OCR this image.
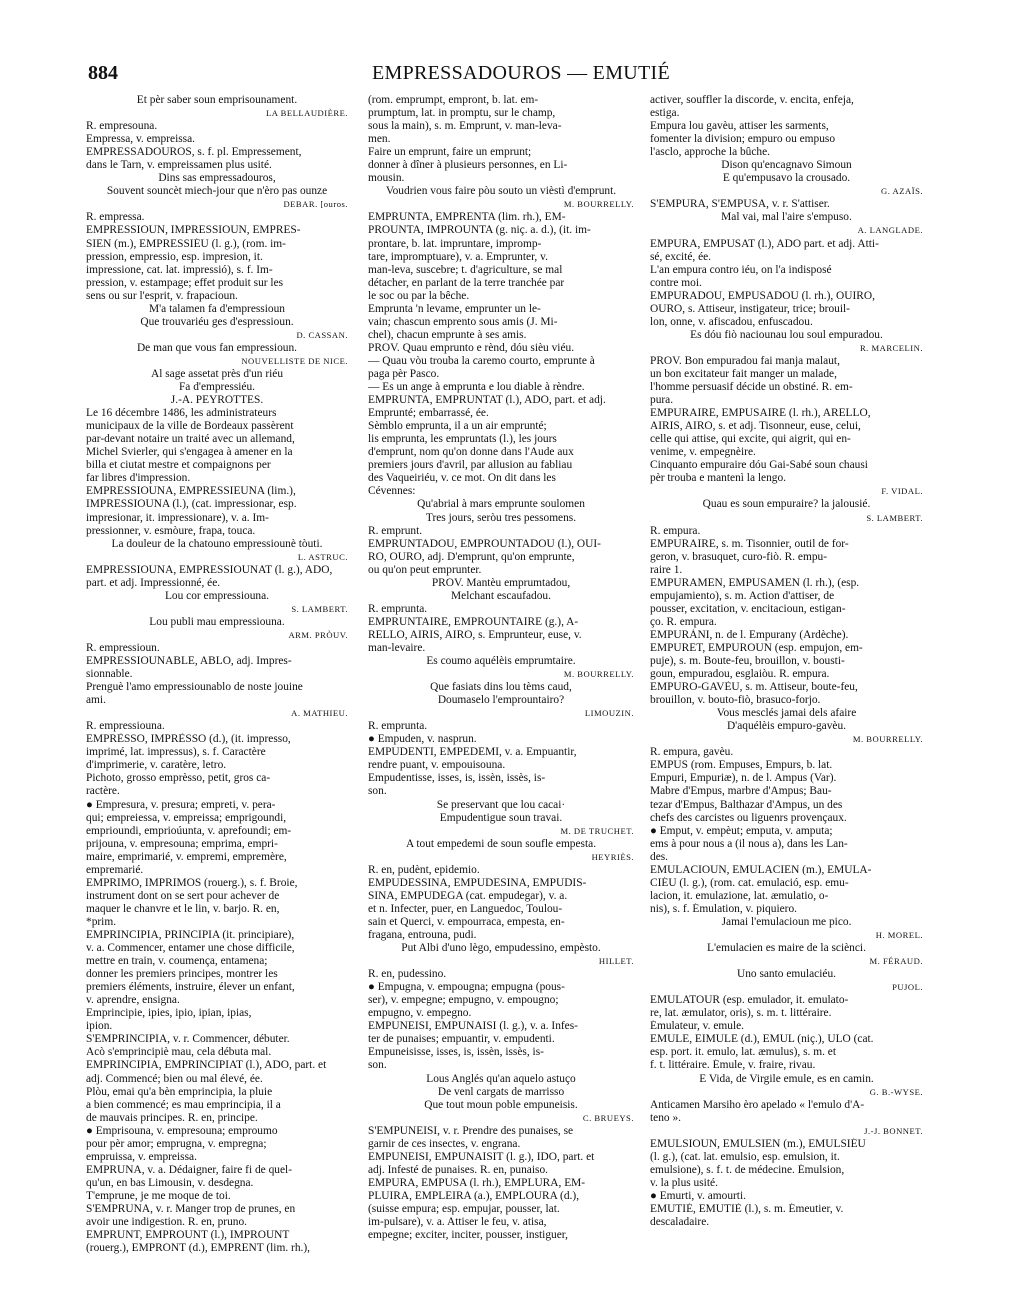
884	EMPRESSADOUROS — EMUTIÉ
Et pèr saber soun emprisounament.
LA BELLAUDIÈRE.
R. empresouna.
Empressa, v. empreissa.
EMPRESSADOUROS, s. f. pl. Empressement,
dans le Tarn, v. empreissamen plus usité.
Dins sas empressadouros,
Souvent souncèt miech-jour que n'èro pas ounze
DEBAR. [ouros.
R. empressa.
EMPRESSIOUN, IMPRESSIOUN, EMPRES-
SIEN (m.), EMPRESSIÉU (l. g.), (rom. im-
pression, empressio, esp. impresion, it.
impressione, cat. lat. impressió), s. f. Im-
pression, v. estampage; effet produit sur les
sens ou sur l'esprit, v. frapacioun.
M'a talamen fa d'empressioun
Que trouvariéu ges d'espressioun.
D. CASSAN.
De man que vous fan empressioun.
NOUVELLISTE DE NICE.
Al sage assetat près d'un riéu
Fa d'empressiéu.
J.-A. PEYROTTES.
Le 16 décembre 1486, les administrateurs
municipaux de la ville de Bordeaux passèrent
par-devant notaire un traité avec un allemand,
Michel Svierler, qui s'engagea à amener en la
billa et ciutat mestre et compaignons per
far libres d'impression.
EMPRESSIOUNA, EMPRESSIEUNA (lim.),
IMPRESSIOUNA (l.), (cat. impressionar, esp.
impresionar, it. impressionare), v. a. Im-
pressionner, v. esmòure, frapa, touca.
La douleur de la chatouno empressiounè tòuti.
L. ASTRUC.
EMPRESSIOUNA, EMPRESSIOUNAT (l. g.), ADO,
part. et adj. Impressionné, ée.
Lou cor empressiouna.
S. LAMBERT.
Lou publi mau empressiouna.
ARM. PRÒUV.
R. empressioun.
EMPRESSIOUNABLE, ABLO, adj. Impres-
sionnable.
Prenguè l'amo empressiounablo de noste jouine
ami.
A. MATHIEU.
R. empressiouna.
EMPRÈSSO, IMPRÈSSO (d.), (it. impresso,
imprimé, lat. impressus), s. f. Caractère
d'imprimerie, v. caratère, letro.
Pichoto, grosso emprèsso, petit, gros ca-
ractère.
● Empresura, v. presura; empreti, v. pera-
qui; empreiessa, v. empreissa; emprigoundi,
emprioundi, emprioúunta, v. aprefoundi; em-
prijouna, v. empresouna; emprima, empri-
maire, emprimarié, v. empremi, empremère,
empremarié.
EMPRIMO, IMPRIMOS (rouerg.), s. f. Broie,
instrument dont on se sert pour achever de
maquer le chanvre et le lin, v. barjo. R. en,
*prim.
EMPRINCIPIA, PRINCIPIA (it. principiare),
v. a. Commencer, entamer une chose difficile,
mettre en train, v. coumença, entamena;
donner les premiers principes, montrer les
premiers éléments, instruire, élever un enfant,
v. aprendre, ensigna.
Emprincipie, ipies, ipio, ipian, ipias,
ipion.
S'EMPRINCIPIA, v. r. Commencer, débuter.
Acò s'emprincipiè mau, cela débuta mal.
EMPRINCIPIA, EMPRINCIPIAT (l.), ADO, part. et
adj. Commencé; bien ou mal élevé, ée.
Plòu, emai qu'a bèn emprincipia, la pluie
a bien commencé; es mau emprincipia, il a
de mauvais principes. R. en, principe.
● Emprisouna, v. empresouna; emproumo
pour pèr amor; emprugna, v. empregna;
empruissa, v. empreissa.
EMPRUNA, v. a. Dédaigner, faire fi de quel-
qu'un, en bas Limousin, v. desdegna.
T'emprune, je me moque de toi.
S'EMPRUNA, v. r. Manger trop de prunes, en
avoir une indigestion. R. en, pruno.
EMPRUNT, EMPROUNT (l.), IMPROUNT
(rouerg.), EMPRONT (d.), EMPRENT (lim. rh.),
(rom. emprumpt, empront, b. lat. em-
prumptum, lat. in promptu, sur le champ,
sous la main), s. m. Emprunt, v. man-leva-
men.
Faire un emprunt, faire un emprunt;
donner à dîner à plusieurs personnes, en Li-
mousin.
Voudrien vous faire pòu souto un vièstì d'emprunt.
M. BOURRELLY.
EMPRUNTA, EMPRENTA (lim. rh.), EM-
PROUNTA, IMPROUNTA (g. niç. a. d.), (it. im-
prontare, b. lat. impruntare, impromp-
tare, impromptuare), v. a. Emprunter, v.
man-leva, suscebre; t. d'agriculture, se mal
détacher, en parlant de la terre tranchée par
le soc ou par la bêche.
Emprunta 'n levame, emprunter un le-
vain; chascun emprento sous amis (J. Mi-
chel), chacun emprunte à ses amis.
PROV. Quau emprunto e rènd, dóu sièu viéu.
— Quau vòu trouba la caremo courto, emprunte à
paga pèr Pasco.
— Es un ange à emprunta e lou diable à rèndre.
EMPRUNTA, EMPRUNTAT (l.), ADO, part. et adj.
Emprunté; embarrassé, ée.
Sèmblo emprunta, il a un air emprunté;
lis emprunta, les empruntats (l.), les jours
d'emprunt, nom qu'on donne dans l'Aude aux
premiers jours d'avril, par allusion au fabliau
des Vaqueiriéu, v. ce mot. On dit dans les
Cévennes:
Qu'abrial à mars emprunte soulomen
Tres jours, seròu tres pessomens.
R. emprunt.
EMPRUNTADOU, EMPROUNTADOU (l.), OUI-
RO, OURO, adj. D'emprunt, qu'on emprunte,
ou qu'on peut emprunter.
PROV. Mantèu emprumtadou,
Melchant escaufadou.
R. emprunta.
EMPRUNTAIRE, EMPROUNTAIRE (g.), A-
RELLO, AIRIS, AIRO, s. Emprunteur, euse, v.
man-levaire.
Es coumo aquélèis emprumtaire.
M. BOURRELLY.
Que fasiats dins lou tèms caud,
Doumaselo l'emprountairo?
LIMOUZIN.
R. emprunta.
● Empuden, v. nasprun.
EMPUDENTI, EMPEDEMI, v. a. Empuantir,
rendre puant, v. empouisouna.
Empudentisse, isses, is, issèn, issès, is-
son.
Se preservant que lou cacai·
Empudentigue soun travai.
M. DE TRUCHET.
A tout empedemi de soun soufle empesta.
HEYRIÈS.
R. en, pudènt, epidemio.
EMPUDESSINA, EMPUDESINA, EMPUDIS-
SINA, EMPUDEGA (cat. empudegar), v. a.
et n. Infecter, puer, en Languedoc, Toulou-
sain et Querci, v. empourraca, empesta, en-
fragana, entrouna, pudi.
Put Albi d'uno lègo, empudessino, empèsto.
HILLET.
R. en, pudessino.
● Empugna, v. empougna; empugna (pous-
ser), v. empegne; empugno, v. empougno;
empugno, v. empegno.
EMPUNEISI, EMPUNAISI (l. g.), v. a. Infes-
ter de punaises; empuantir, v. empudenti.
Empuneisisse, isses, is, issèn, issès, is-
son.
Lous Anglés qu'an aquelo astuço
De venl cargats de marrisso
Que tout moun poble empuneisis.
C. BRUEYS.
S'EMPUNEISI, v. r. Prendre des punaises, se
garnir de ces insectes, v. engrana.
EMPUNEISI, EMPUNAISIT (l. g.), IDO, part. et
adj. Infesté de punaises. R. en, punaiso.
EMPURA, EMPUSA (l. rh.), EMPLURA, EM-
PLUIRA, EMPLEIRA (a.), EMPLOURA (d.),
(suisse empura; esp. empujar, pousser, lat.
im-pulsare), v. a. Attiser le feu, v. atisa,
empegne; exciter, inciter, pousser, instiguer,
activer, souffler la discorde, v. encita, enfeja,
estiga.
Empura lou gavèu, attiser les sarments,
fomenter la division; empuro ou empuso
l'asclo, approche la bûche.
Dison qu'encagnavo Simoun
E qu'empusavo la crousado.
G. AZAÏS.
S'EMPURA, S'EMPUSA, v. r. S'attiser.
Mal vai, mal l'aire s'empuso.
A. LANGLADE.
EMPURA, EMPUSAT (l.), ADO part. et adj. Atti-
sé, excité, ée.
L'an empura contro iéu, on l'a indisposé
contre moi.
EMPURADOU, EMPUSADOU (l. rh.), OUIRO,
OURO, s. Attiseur, instigateur, trice; brouil-
lon, onne, v. afiscadou, enfuscadou.
Es dóu fiò naciounau lou soul empuradou.
R. MARCELIN.
PROV. Bon empuradou fai manja malaut,
un bon excitateur fait manger un malade,
l'homme persuasif décide un obstiné. R. em-
pura.
EMPURAIRE, EMPUSAIRE (l. rh.), ARELLO,
AIRIS, AIRO, s. et adj. Tisonneur, euse, celui,
celle qui attise, qui excite, qui aigrit, qui en-
venime, v. empegnèire.
Cinquanto empuraire dóu Gai-Sabé soun chausi
pèr trouba e mantenì la lengo.
F. VIDAL.
Quau es soun empuraire? la jalousié.
S. LAMBERT.
R. empura.
EMPURAIRE, s. m. Tisonnier, outil de for-
geron, v. brasuquet, curo-fiò. R. empu-
raire 1.
EMPURAMEN, EMPUSAMEN (l. rh.), (esp.
empujamiento), s. m. Action d'attiser, de
pousser, excitation, v. encitacioun, estigan-
ço. R. empura.
EMPURÀNI, n. de l. Empurany (Ardèche).
EMPURET, EMPUROUN (esp. empujon, em-
puje), s. m. Boute-feu, brouillon, v. bousti-
goun, empuradou, esglaiòu. R. empura.
EMPURO-GAVÈU, s. m. Attiseur, boute-feu,
brouillon, v. bouto-fiò, brasuco-forjo.
Vous mesclés jamai dels afaire
D'aquélèis empuro-gavèu.
M. BOURRELLY.
R. empura, gavèu.
EMPUS (rom. Empuses, Empurs, b. lat.
Empuri, Empuriæ), n. de l. Ampus (Var).
Mabre d'Empus, marbre d'Ampus; Bau-
tezar d'Empus, Balthazar d'Ampus, un des
chefs des carcistes ou liguenrs provençaux.
● Emput, v. empèut; emputa, v. amputa;
ems à pour nous a (il nous a), dans les Lan-
des.
EMULACIOUN, EMULACIEN (m.), EMULA-
CIÉU (l. g.), (rom. cat. emulació, esp. emu-
lacion, it. emulazione, lat. æmulatio, o-
nis), s. f. Émulation, v. piquiero.
Jamai l'emulacioun me pico.
H. MOREL.
L'emulacien es maire de la sciènci.
M. FÉRAUD.
Uno santo emulaciéu.
PUJOL.
EMULATOUR (esp. emulador, it. emulato-
re, lat. æmulator, oris), s. m. t. littéraire.
Émulateur, v. emule.
EMULE, EIMULE (d.), EMUL (niç.), ULO (cat.
esp. port. it. emulo, lat. æmulus), s. m. et
f. t. littéraire. Émule, v. fraire, rivau.
E Vida, de Virgile emule, es en camin.
G. B.-WYSE.
Anticamen Marsiho èro apelado « l'emulo d'A-
teno ».
J.-J. BONNET.
EMULSIOUN, EMULSIEN (m.), EMULSIÉU
(l. g.), (cat. lat. emulsio, esp. emulsion, it.
emulsione), s. f. t. de médecine. Émulsion,
v. la plus usité.
● Emurti, v. amourti.
EMUTIÉ, EMUTIÈ (l.), s. m. Émeutier, v.
descaladaire.
